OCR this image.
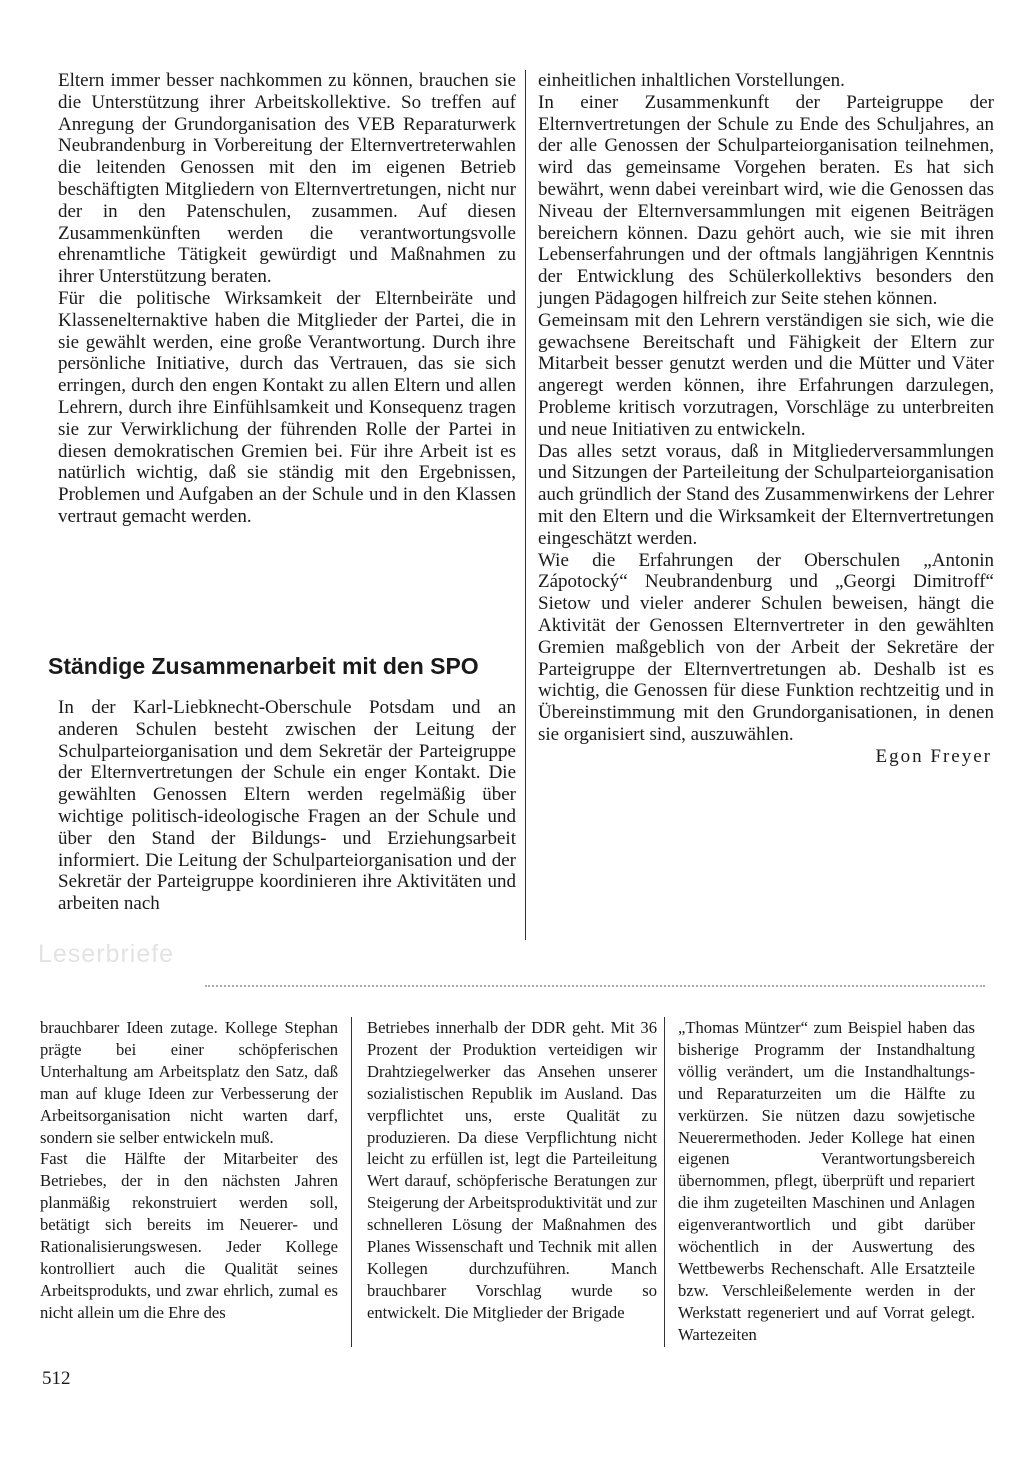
Eltern immer besser nachkommen zu können, brauchen sie die Unterstützung ihrer Arbeitskollektive. So treffen auf Anregung der Grundorganisation des VEB Reparaturwerk Neubrandenburg in Vorbereitung der Elternvertreterwahlen die leitenden Genossen mit den im eigenen Betrieb beschäftigten Mitgliedern von Elternvertretungen, nicht nur der in den Patenschulen, zusammen. Auf diesen Zusammenkünften werden die verantwortungsvolle ehrenamtliche Tätigkeit gewürdigt und Maßnahmen zu ihrer Unterstützung beraten.

Für die politische Wirksamkeit der Elternbeiräte und Klassenelternaktive haben die Mitglieder der Partei, die in sie gewählt werden, eine große Verantwortung. Durch ihre persönliche Initiative, durch das Vertrauen, das sie sich erringen, durch den engen Kontakt zu allen Eltern und allen Lehrern, durch ihre Einfühlsamkeit und Konsequenz tragen sie zur Verwirklichung der führenden Rolle der Partei in diesen demokratischen Gremien bei. Für ihre Arbeit ist es natürlich wichtig, daß sie ständig mit den Ergebnissen, Problemen und Aufgaben an der Schule und in den Klassen vertraut gemacht werden.

Ständige Zusammenarbeit mit den SPO

In der Karl-Liebknecht-Oberschule Potsdam und an anderen Schulen besteht zwischen der Leitung der Schulparteiorganisation und dem Sekretär der Parteigruppe der Elternvertretungen der Schule ein enger Kontakt. Die gewählten Genossen Eltern werden regelmäßig über wichtige politisch-ideologische Fragen an der Schule und über den Stand der Bildungs- und Erziehungsarbeit informiert. Die Leitung der Schulparteiorganisation und der Sekretär der Parteigruppe koordinieren ihre Aktivitäten und arbeiten nach

einheitlichen inhaltlichen Vorstellungen.

In einer Zusammenkunft der Parteigruppe der Elternvertretungen der Schule zu Ende des Schuljahres, an der alle Genossen der Schulparteiorganisation teilnehmen, wird das gemeinsame Vorgehen beraten. Es hat sich bewährt, wenn dabei vereinbart wird, wie die Genossen das Niveau der Elternversammlungen mit eigenen Beiträgen bereichern können. Dazu gehört auch, wie sie mit ihren Lebenserfahrungen und der oftmals langjährigen Kenntnis der Entwicklung des Schülerkollektivs besonders den jungen Pädagogen hilfreich zur Seite stehen können.

Gemeinsam mit den Lehrern verständigen sie sich, wie die gewachsene Bereitschaft und Fähigkeit der Eltern zur Mitarbeit besser genutzt werden und die Mütter und Väter angeregt werden können, ihre Erfahrungen darzulegen, Probleme kritisch vorzutragen, Vorschläge zu unterbreiten und neue Initiativen zu entwickeln.

Das alles setzt voraus, daß in Mitgliederversammlungen und Sitzungen der Parteileitung der Schulparteiorganisation auch gründlich der Stand des Zusammenwirkens der Lehrer mit den Eltern und die Wirksamkeit der Elternvertretungen eingeschätzt werden.

Wie die Erfahrungen der Oberschulen „Antonin Zápotocký“ Neubrandenburg und „Georgi Dimitroff“ Sietow und vieler anderer Schulen beweisen, hängt die Aktivität der Genossen Elternvertreter in den gewählten Gremien maßgeblich von der Arbeit der Sekretäre der Parteigruppe der Elternvertretungen ab. Deshalb ist es wichtig, die Genossen für diese Funktion rechtzeitig und in Übereinstimmung mit den Grundorganisationen, in denen sie organisiert sind, auszuwählen.

Egon Freyer

Leserbriefe

brauchbarer Ideen zutage. Kollege Stephan prägte bei einer schöpferischen Unterhaltung am Arbeitsplatz den Satz, daß man auf kluge Ideen zur Verbesserung der Arbeitsorganisation nicht warten darf, sondern sie selber entwickeln muß.

Fast die Hälfte der Mitarbeiter des Betriebes, der in den nächsten Jahren planmäßig rekonstruiert werden soll, betätigt sich bereits im Neuerer- und Rationalisierungswesen. Jeder Kollege kontrolliert auch die Qualität seines Arbeitsprodukts, und zwar ehrlich, zumal es nicht allein um die Ehre des

Betriebes innerhalb der DDR geht. Mit 36 Prozent der Produktion verteidigen wir Drahtziegelwerker das Ansehen unserer sozialistischen Republik im Ausland. Das verpflichtet uns, erste Qualität zu produzieren. Da diese Verpflichtung nicht leicht zu erfüllen ist, legt die Parteileitung Wert darauf, schöpferische Beratungen zur Steigerung der Arbeitsproduktivität und zur schnelleren Lösung der Maßnahmen des Planes Wissenschaft und Technik mit allen Kollegen durchzuführen. Manch brauchbarer Vorschlag wurde so entwickelt. Die Mitglieder der Brigade

„Thomas Müntzer“ zum Beispiel haben das bisherige Programm der Instandhaltung völlig verändert, um die Instandhaltungs- und Reparaturzeiten um die Hälfte zu verkürzen. Sie nützen dazu sowjetische Neuerermethoden. Jeder Kollege hat einen eigenen Verantwortungsbereich übernommen, pflegt, überprüft und repariert die ihm zugeteilten Maschinen und Anlagen eigenverantwortlich und gibt darüber wöchentlich in der Auswertung des Wettbewerbs Rechenschaft. Alle Ersatzteile bzw. Verschleißelemente werden in der Werkstatt regeneriert und auf Vorrat gelegt. Wartezeiten

512
